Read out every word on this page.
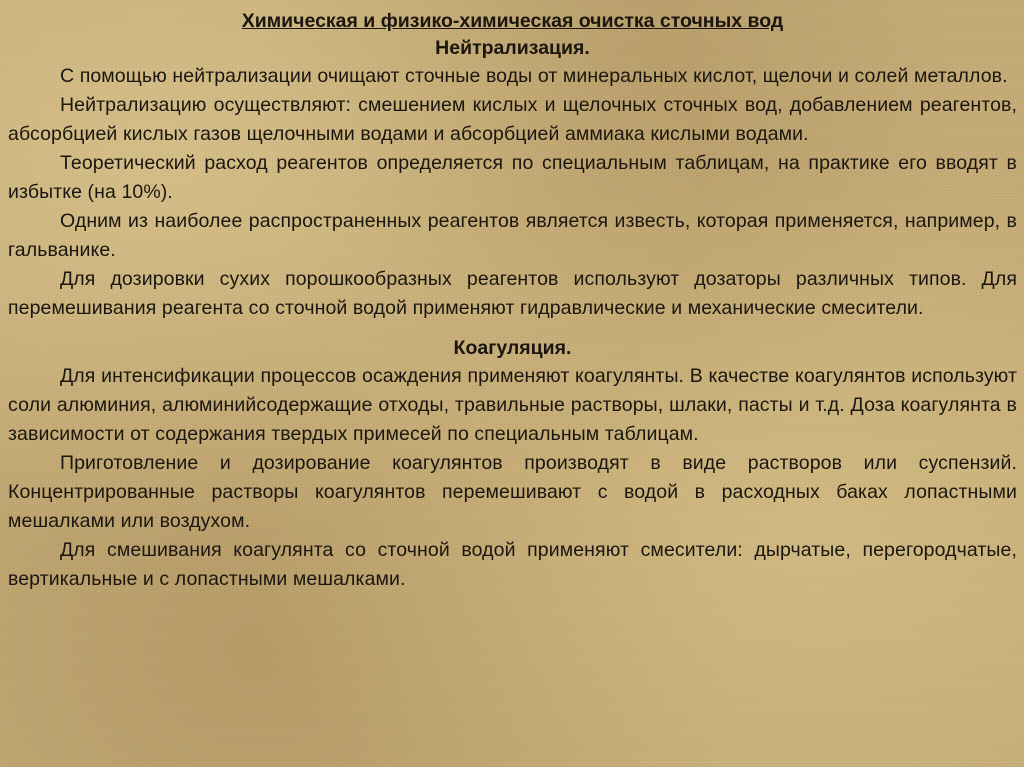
Химическая и физико-химическая очистка сточных вод
Нейтрализация.

С помощью нейтрализации очищают сточные воды от минеральных кислот, щелочи и солей металлов.

Нейтрализацию осуществляют: смешением кислых и щелочных сточных вод, добавлением реагентов, абсорбцией кислых газов щелочными водами и абсорбцией аммиака кислыми водами.

Теоретический расход реагентов определяется по специальным таблицам, на практике его вводят в избытке (на 10%).

Одним из наиболее распространенных реагентов является известь, которая применяется, например, в гальванике.

Для дозировки сухих порошкообразных реагентов используют дозаторы различных типов. Для перемешивания реагента со сточной водой применяют гидравлические и механические смесители.

Коагуляция.

Для интенсификации процессов осаждения применяют коагулянты. В качестве коагулянтов используют соли алюминия, алюминийсодержащие отходы, травильные растворы, шлаки, пасты и т.д. Доза коагулянта в зависимости от содержания твердых примесей по специальным таблицам.

Приготовление и дозирование коагулянтов производят в виде растворов или суспензий. Концентрированные растворы коагулянтов перемешивают с водой в расходных баках лопастными мешалками или воздухом.

Для смешивания коагулянта со сточной водой применяют смесители: дырчатые, перегородчатые, вертикальные и с лопастными мешалками.
